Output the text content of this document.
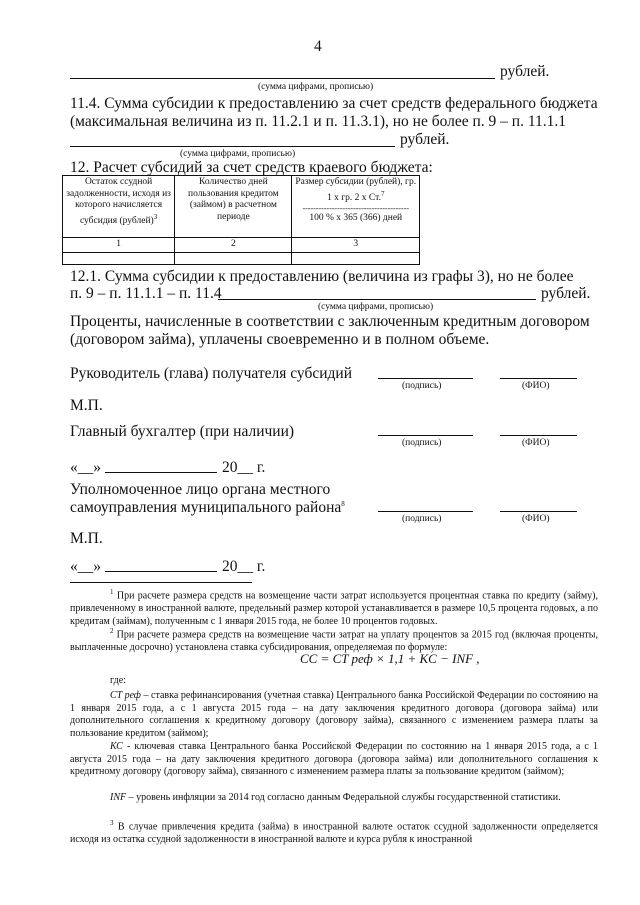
4
рублей.
(сумма цифрами, прописью)
11.4. Сумма субсидии к предоставлению за счет средств федерального бюджета
(максимальная величина из п. 11.2.1 и п. 11.3.1), но не более п. 9 – п. 11.1.1
рублей.
(сумма цифрами, прописью)
12. Расчет субсидий за счет средств краевого бюджета:
Остаток ссудной задолженности, исходя из которого начисляется субсидия (рублей)$^3$	Количество дней пользования кредитом (займом) в расчетном периоде	Размер субсидии (рублей), гр. 1 х гр. 2 х Ст.$^7$
----------------------------------------
100 % х 365 (366) дней

1	2	3

12.1. Сумма субсидии к предоставлению (величина из графы 3), но не более
п. 9 – п. 11.1.1 – п. 11.4	рублей.
(сумма цифрами, прописью)
Проценты, начисленные в соответствии с заключенным кредитным договором
(договором займа), уплачены своевременно и в полном объеме.
Руководитель (глава) получателя субсидий
(подпись)	(ФИО)
М.П.
Главный бухгалтер (при наличии)
(подпись)	(ФИО)
«__»	20__ г.
Уполномоченное лицо органа местного
самоуправления муниципального района$^8$
(подпись)	(ФИО)
М.П.
«__»	20__ г.
$^1$ При расчете размера средств на возмещение части затрат используется процентная ставка по кредиту (займу), привлеченному в иностранной валюте, предельный размер которой устанавливается в размере 10,5 процента годовых, а по кредитам (займам), полученным с 1 января 2015 года, не более 10 процентов годовых.
$^2$ При расчете размера средств на возмещение части затрат на уплату процентов за 2015 год (включая проценты, выплаченные досрочно) установлена ставка субсидирования, определяемая по формуле:
CC = CT реф × 1,1 + KC − INF ,
где:
CT реф – ставка рефинансирования (учетная ставка) Центрального банка Российской Федерации по состоянию на 1 января 2015 года, а с 1 августа 2015 года – на дату заключения кредитного договора (договора займа) или дополнительного соглашения к кредитному договору (договору займа), связанного с изменением размера платы за пользование кредитом (займом);
КС - ключевая ставка Центрального банка Российской Федерации по состоянию на 1 января 2015 года, а с 1 августа 2015 года – на дату заключения кредитного договора (договора займа) или дополнительного соглашения к кредитному договору (договору займа), связанного с изменением размера платы за пользование кредитом (займом);
INF – уровень инфляции за 2014 год согласно данным Федеральной службы государственной статистики.
$^3$ В случае привлечения кредита (займа) в иностранной валюте остаток ссудной задолженности определяется исходя из остатка ссудной задолженности в иностранной валюте и курса рубля к иностранной
